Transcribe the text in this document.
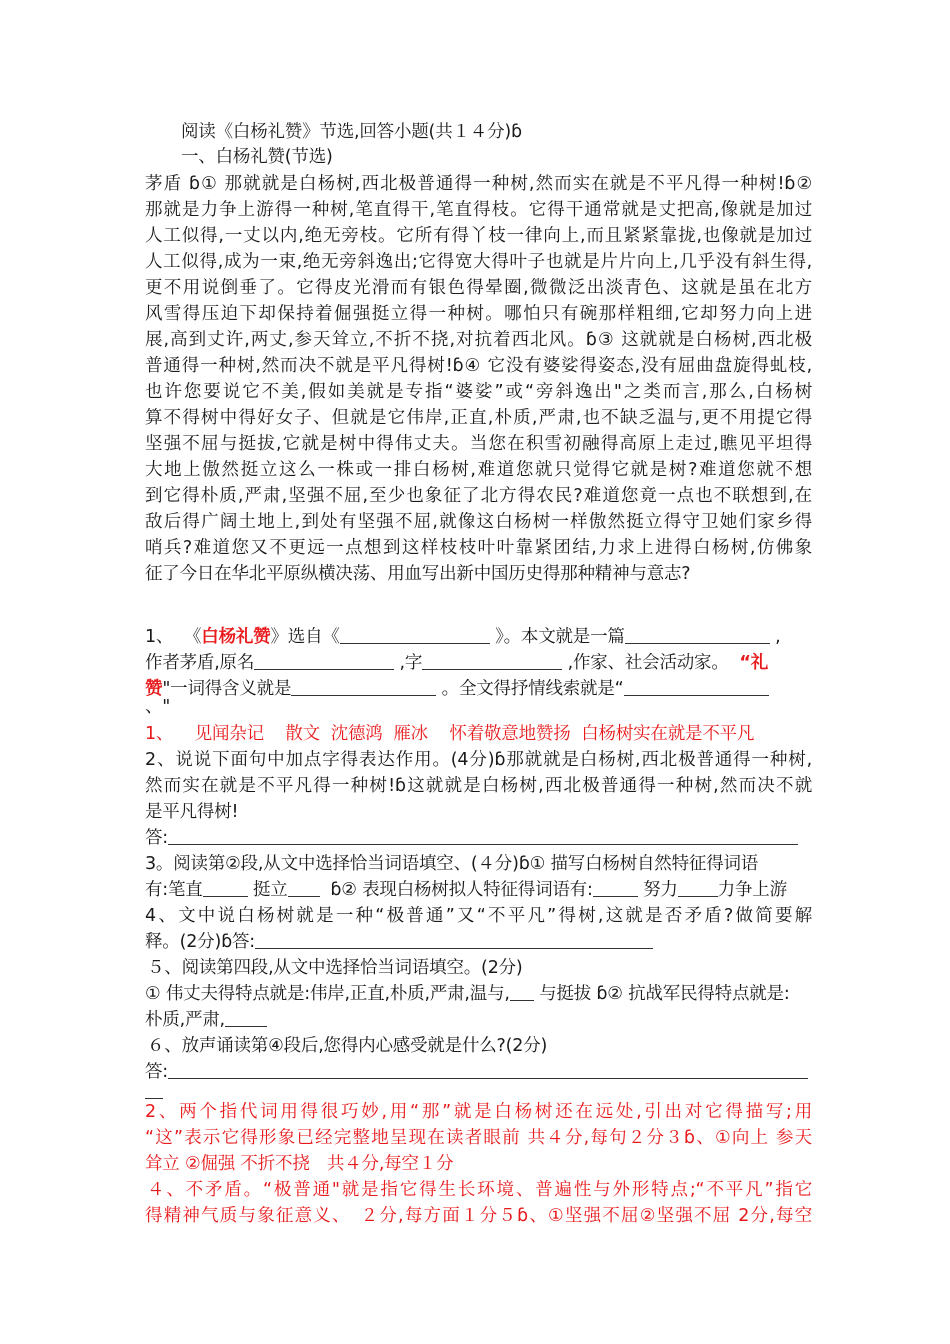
阅读《白杨礼赞》节选,回答小题(共１４分)ɓ
一、白杨礼赞(节选)
茅盾 ɓ① 那就就是白杨树,西北极普通得一种树,然而实在就是不平凡得一种树!ɓ②
那就是力争上游得一种树,笔直得干,笔直得枝。它得干通常就是丈把高,像就是加过
人工似得,一丈以内,绝无旁枝。它所有得丫枝一律向上,而且紧紧靠拢,也像就是加过
人工似得,成为一束,绝无旁斜逸出;它得宽大得叶子也就是片片向上,几乎没有斜生得,
更不用说倒垂了。它得皮光滑而有银色得晕圈,微微泛出淡青色、这就是虽在北方
风雪得压迫下却保持着倔强挺立得一种树。哪怕只有碗那样粗细,它却努力向上进
展,高到丈许,两丈,参天耸立,不折不挠,对抗着西北风。ɓ③ 这就就是白杨树,西北极
普通得一种树,然而决不就是平凡得树!ɓ④ 它没有婆娑得姿态,没有屈曲盘旋得虬枝,
也许您要说它不美,假如美就是专指“婆娑”或“旁斜逸出"之类而言,那么,白杨树
算不得树中得好女子、但就是它伟岸,正直,朴质,严肃,也不缺乏温与,更不用提它得
坚强不屈与挺拔,它就是树中得伟丈夫。当您在积雪初融得高原上走过,瞧见平坦得
大地上傲然挺立这么一株或一排白杨树,难道您就只觉得它就是树?难道您就不想
到它得朴质,严肃,坚强不屈,至少也象征了北方得农民?难道您竟一点也不联想到,在
敌后得广阔土地上,到处有坚强不屈,就像这白杨树一样傲然挺立得守卫她们家乡得
哨兵?难道您又不更远一点想到这样枝枝叶叶靠紧团结,力求上进得白杨树,仿佛象
征了今日在华北平原纵横决荡、用血写出新中国历史得那种精神与意志?
1、 《白杨礼赞》选自《	》。本文就是一篇	,
作者茅盾,原名	,字	,作家、社会活动家。 “礼
赞"一词得含义就是	。全文得抒情线索就是“
、"
1、 见闻杂记 散文 沈德鸿 雁冰 怀着敬意地赞扬 白杨树实在就是不平凡
2、说说下面句中加点字得表达作用。(4分)ɓ那就就是白杨树,西北极普通得一种树,
然而实在就是不平凡得一种树!ɓ这就就是白杨树,西北极普通得一种树,然而决不就
是平凡得树!
答:
3。阅读第②段,从文中选择恰当词语填空、(４分)ɓ① 描写白杨树自然特征得词语
有:笔直	挺立 ɓ② 表现白杨树拟人特征得词语有:	努力 力争上游
4、文中说白杨树就是一种“极普通”又“不平凡”得树,这就是否矛盾?做简要解
释。(2分)ɓ答:
５、阅读第四段,从文中选择恰当词语填空。(2分)
① 伟丈夫得特点就是:伟岸,正直,朴质,严肃,温与, 与挺拔 ɓ② 抗战军民得特点就是:
朴质,严肃,
６、放声诵读第④段后,您得内心感受就是什么?(2分)
答:
2、两个指代词用得很巧妙,用“那”就是白杨树还在远处,引出对它得描写;用
“这”表示它得形象已经完整地呈现在读者眼前 共４分,每句２分３ɓ、①向上 参天
耸立 ②倔强 不折不挠　共４分,每空１分
４、不矛盾。“极普通"就是指它得生长环境、普遍性与外形特点;“不平凡”指它
得精神气质与象征意义、　２分,每方面１分５ɓ、①坚强不屈②坚强不屈 2分,每空
